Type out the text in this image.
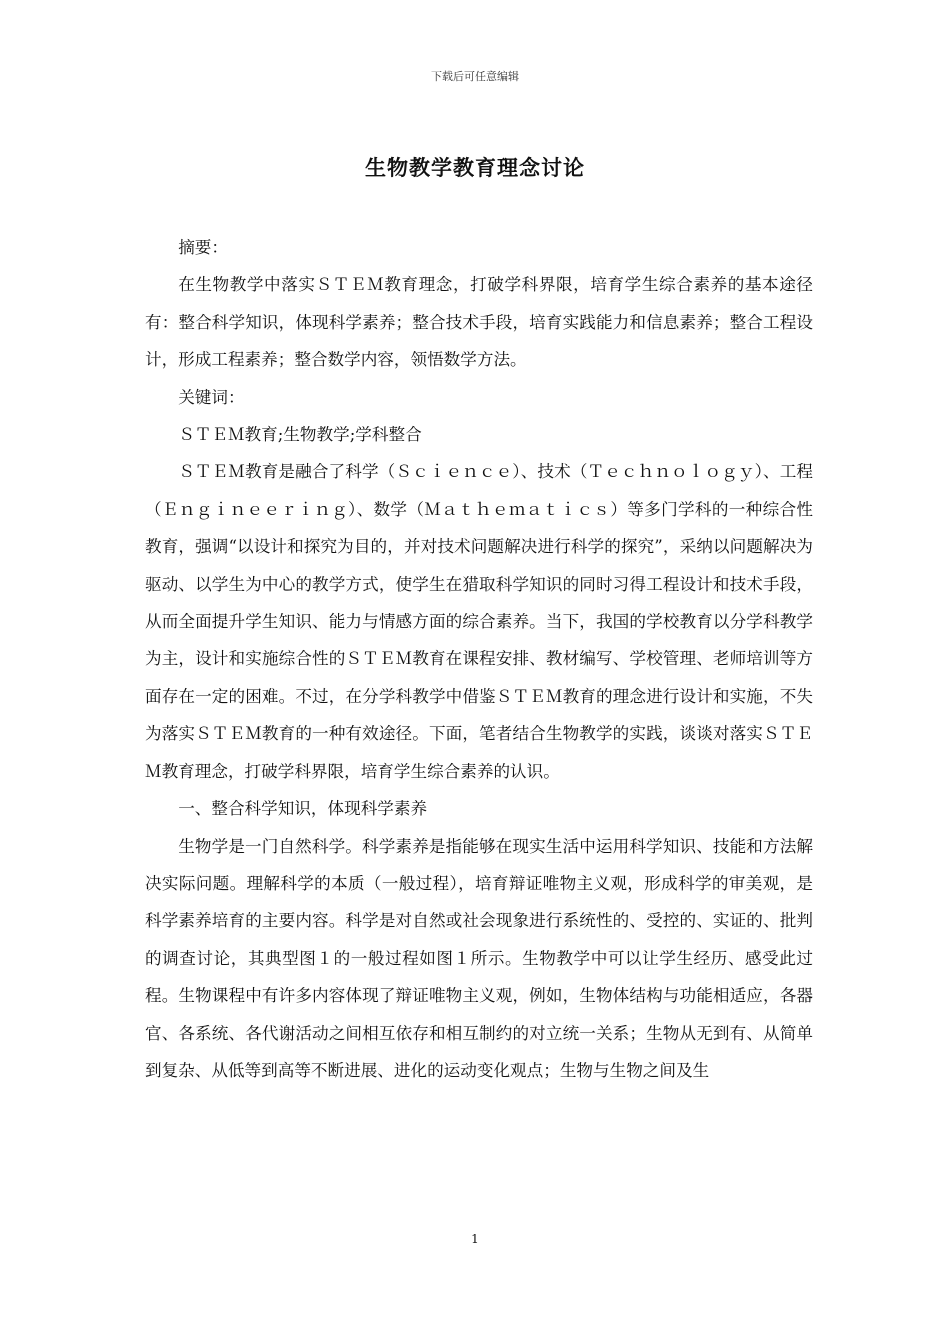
下载后可任意编辑
生物教学教育理念讨论

摘要：

在生物教学中落实ＳＴＥＭ教育理念，打破学科界限，培育学生综合素养的基本途径有：整合科学知识，体现科学素养；整合技术手段，培育实践能力和信息素养；整合工程设计，形成工程素养；整合数学内容，领悟数学方法。

关键词：

ＳＴＥＭ教育;生物教学;学科整合

ＳＴＥＭ教育是融合了科学（Ｓｃｉｅｎｃｅ）、技术（Ｔｅｃｈｎｏｌｏｇｙ）、工程（Ｅｎｇｉｎｅｅｒｉｎｇ）、数学（Ｍａｔｈｅｍａｔｉｃｓ）等多门学科的一种综合性教育，强调“以设计和探究为目的，并对技术问题解决进行科学的探究”，采纳以问题解决为驱动、以学生为中心的教学方式，使学生在猎取科学知识的同时习得工程设计和技术手段，从而全面提升学生知识、能力与情感方面的综合素养。当下，我国的学校教育以分学科教学为主，设计和实施综合性的ＳＴＥＭ教育在课程安排、教材编写、学校管理、老师培训等方面存在一定的困难。不过，在分学科教学中借鉴ＳＴＥＭ教育的理念进行设计和实施，不失为落实ＳＴＥＭ教育的一种有效途径。下面，笔者结合生物教学的实践，谈谈对落实ＳＴＥＭ教育理念，打破学科界限，培育学生综合素养的认识。

一、整合科学知识，体现科学素养

生物学是一门自然科学。科学素养是指能够在现实生活中运用科学知识、技能和方法解决实际问题。理解科学的本质（一般过程），培育辩证唯物主义观，形成科学的审美观，是科学素养培育的主要内容。科学是对自然或社会现象进行系统性的、受控的、实证的、批判的调查讨论，其典型图１的一般过程如图１所示。生物教学中可以让学生经历、感受此过程。生物课程中有许多内容体现了辩证唯物主义观，例如，生物体结构与功能相适应，各器官、各系统、各代谢活动之间相互依存和相互制约的对立统一关系；生物从无到有、从简单到复杂、从低等到高等不断进展、进化的运动变化观点；生物与生物之间及生

1
